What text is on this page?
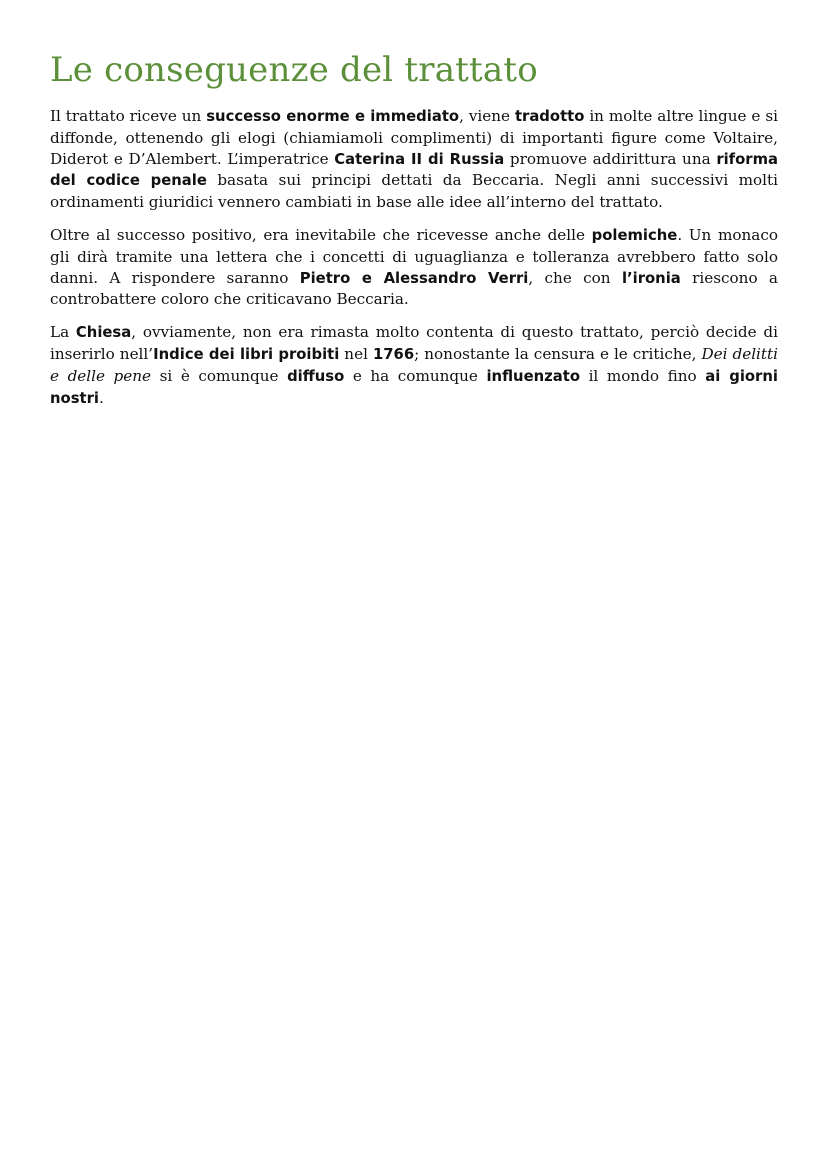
Le conseguenze del trattato

Il trattato riceve un successo enorme e immediato, viene tradotto in molte altre lingue e si diffonde, ottenendo gli elogi (chiamiamoli complimenti) di importanti figure come Voltaire, Diderot e D’Alembert. L’imperatrice Caterina II di Russia promuove addirittura una riforma del codice penale basata sui principi dettati da Beccaria. Negli anni successivi molti ordinamenti giuridici vennero cambiati in base alle idee all’interno del trattato.

Oltre al successo positivo, era inevitabile che ricevesse anche delle polemiche. Un monaco gli dirà tramite una lettera che i concetti di uguaglianza e tolleranza avrebbero fatto solo danni. A rispondere saranno Pietro e Alessandro Verri, che con l’ironia riescono a controbattere coloro che criticavano Beccaria.

La Chiesa, ovviamente, non era rimasta molto contenta di questo trattato, perciò decide di inserirlo nell’Indice dei libri proibiti nel 1766; nonostante la censura e le critiche, Dei delitti e delle pene si è comunque diffuso e ha comunque influenzato il mondo fino ai giorni nostri.
